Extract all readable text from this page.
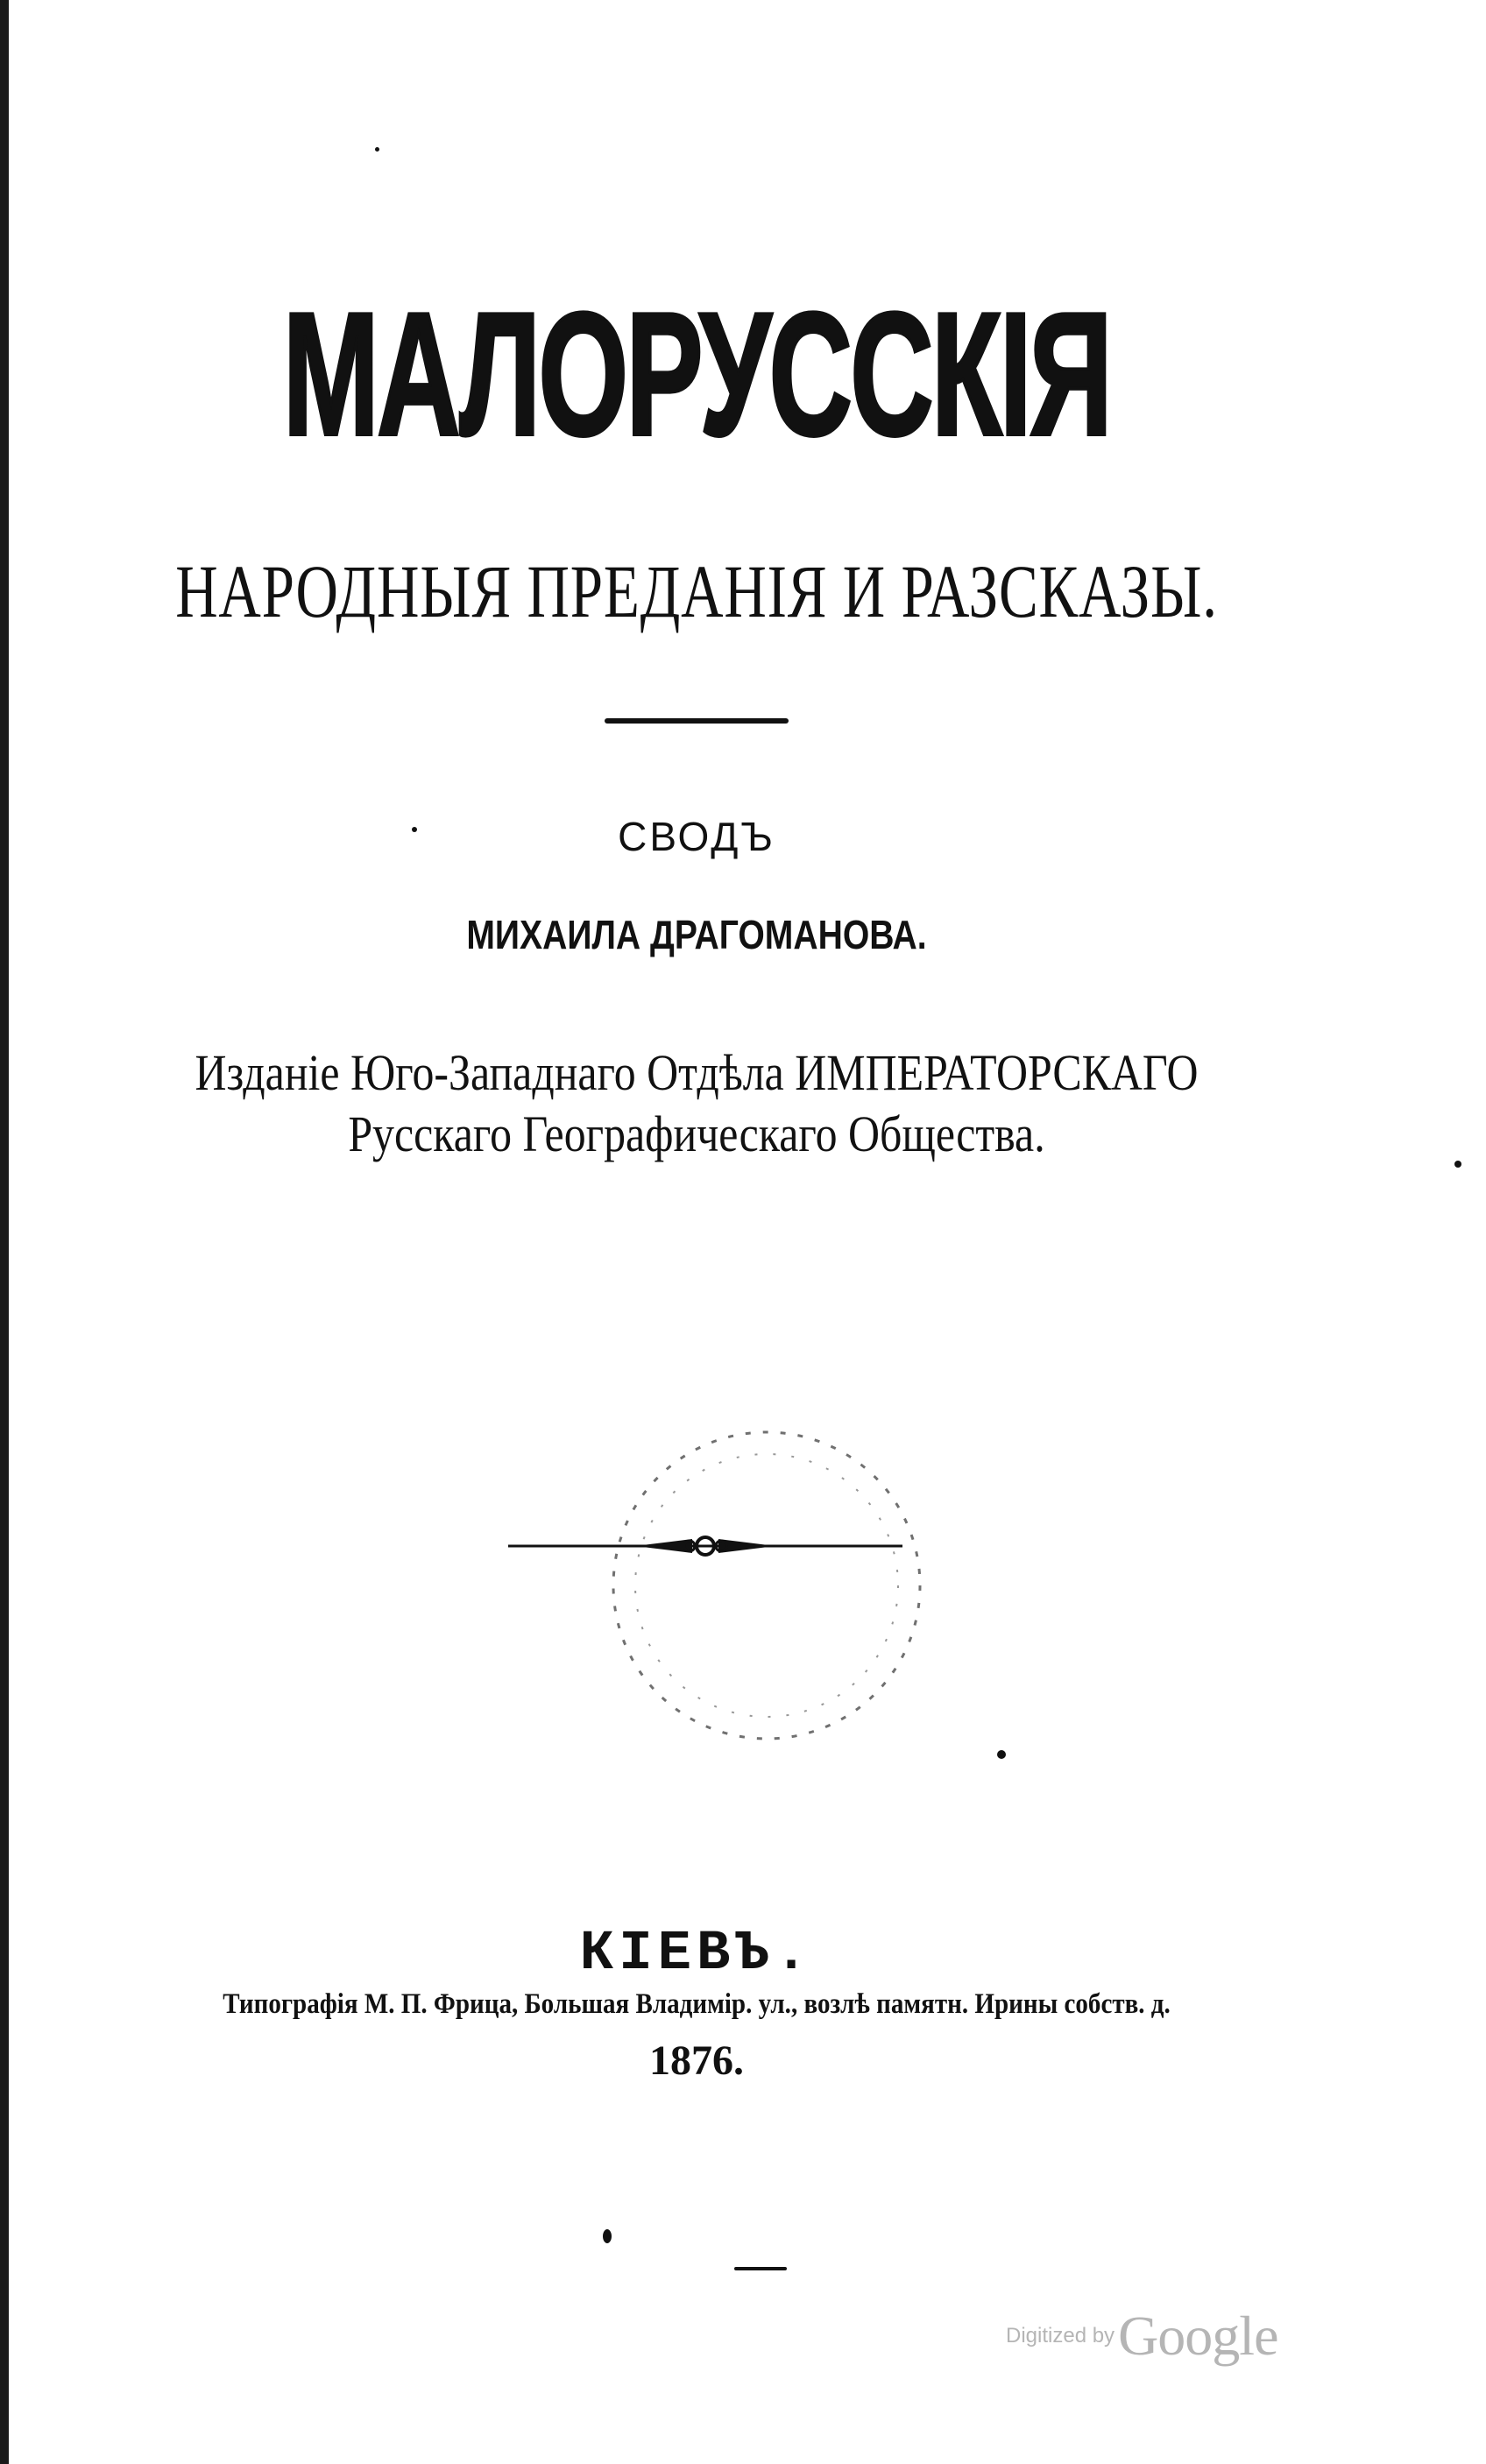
МАЛОРУССКІЯ
НАРОДНЫЯ ПРЕДАНІЯ И РАЗСКАЗЫ.
СВОДЪ
МИХАИЛА ДРАГОМАНОВА.
Изданіе Юго-Западнаго Отдѣла ИМПЕРАТОРСКАГО
Русскаго Географическаго Общества.
КІЕВЪ.
Типографія М. П. Фрица, Большая Владимір. ул., возлѣ памятн. Ирины собств. д.
1876.
Digitized by Google
